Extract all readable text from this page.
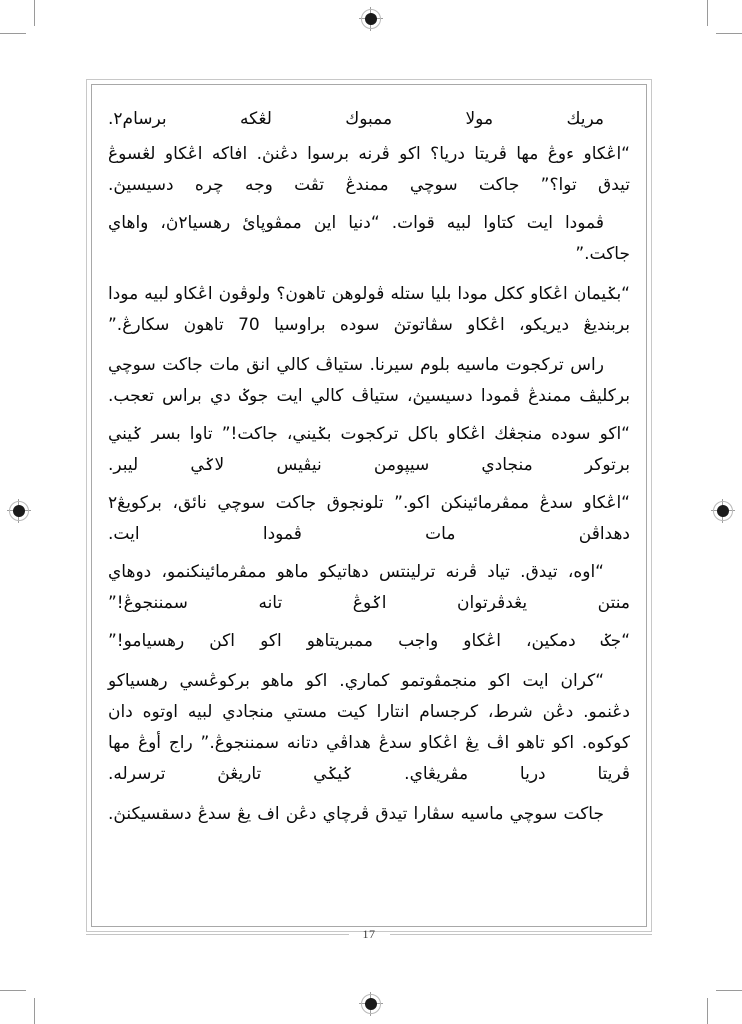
مريك مولا ممبوك لڠكه برسام٢.

“اڠكاو ءوڠ مها ڤريتا دريا؟ اكو ڤرنه برسوا دڠنڽ. افاكه اڠكاو لڠسوڠ تيدق توا؟” جاكت سوچي ممندڠ تڤت وجه چره دسيسيڽ.

ڤمودا ايت كتاوا لبيه قوات. “دنيا اين ممڤوڽائ رهسيا٢ڽ، واهاي جاكت.”

“بݢيمان اڠكاو ككل مودا بليا ستله ڤولوهن تاهون؟ ولوڤون اڠكاو لبيه مودا بربنديڠ ديريكو، اڠكاو سڤاتوتڽ سوده براوسيا 70 تاهون سكارڠ.”

راس تركجوت ماسيه بلوم سيرنا. ستياڤ كالي انق مات جاكت سوچي بركليڤ ممندڠ ڤمودا دسيسيڽ، ستياڤ كالي ايت جوݢ دي براس تعجب.

“اكو سوده منجڠك اڠكاو باكل تركجوت بݢيني، جاكت!” تاوا بسر ݢيني برتوكر منجادي سيپومن نيڤيس لاݢي ليبر.

“اڠكاو سدڠ ممڤرمائينكن اكو.” تلونجوق جاكت سوچي نائق، بركويڠ٢ دهداڤن مات ڤمودا ايت.

“اوه، تيدق. تياد ڤرنه ترلينتس دهاتيكو ماهو ممڤرمائينكنمو، دوهاي منتن يڠدڤرتوان اݢوڠ تانه سمننجوڠ!”

“جݢ دمكين، اڠكاو واجب ممبريتاهو اكو اكن رهسيامو!”

“كران ايت اكو منجمڤوتمو كماري. اكو ماهو بركوڠسي رهسياكو دڠنمو. دڠن شرط، كرجسام انتارا كيت مستي منجادي لبيه اوتوه دان كوكوه. اكو تاهو اڤ يڠ اڠكاو سدڠ هداڤي دتانه سمننجوڠ.” راج أوڠ مها ڤريتا دريا مڤريڠاي. ݢيݢي تاريڠڽ ترسرله.

جاكت سوچي ماسيه سڤارا تيدق ڤرچاي دڠن اف يڠ سدڠ دسقسيكنڽ.

17
